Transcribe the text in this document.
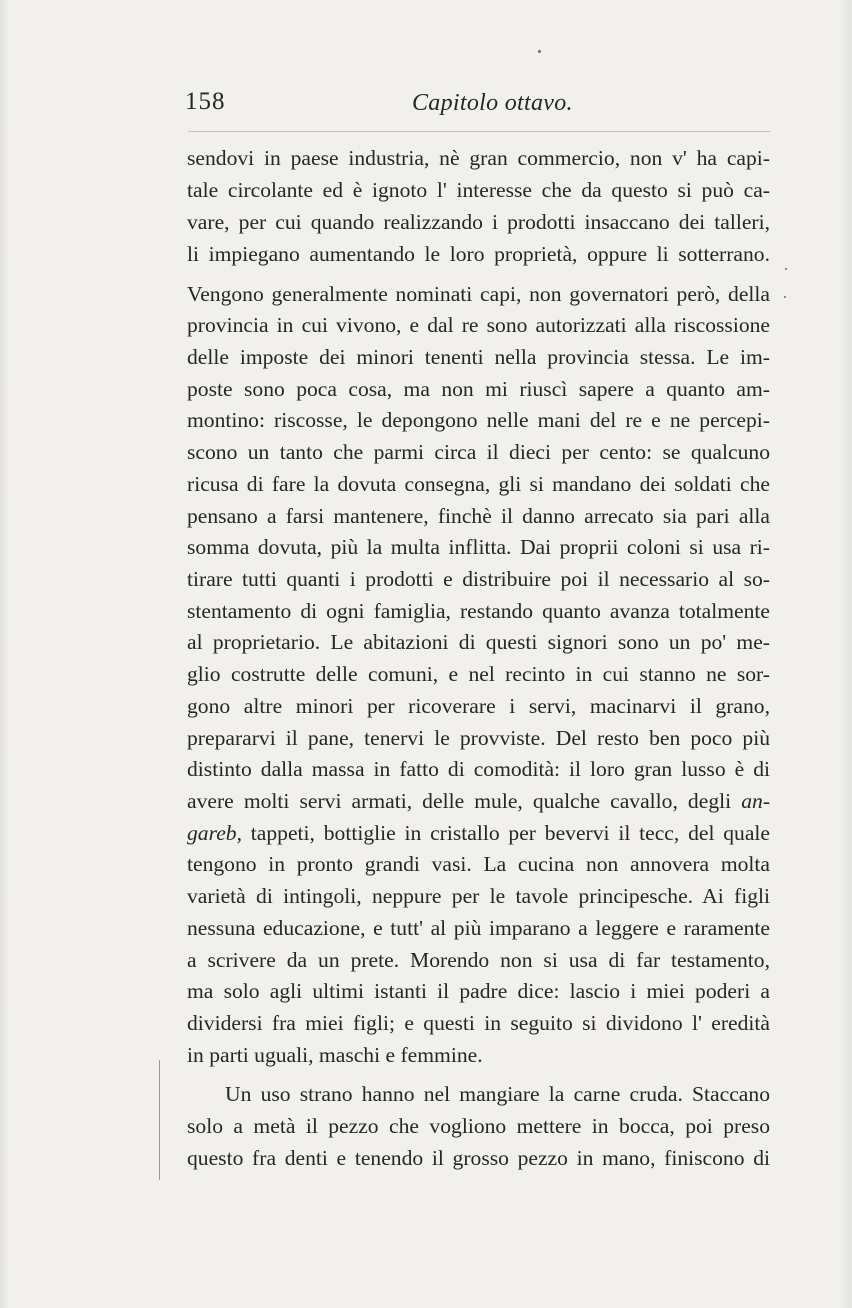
158	Capitolo ottavo.
sendovi in paese industria, nè gran commercio, non v' ha capi-
tale circolante ed è ignoto l' interesse che da questo si può ca-
vare, per cui quando realizzando i prodotti insaccano dei talleri,
li impiegano aumentando le loro proprietà, oppure li sotterrano.
Vengono generalmente nominati capi, non governatori però, della
provincia in cui vivono, e dal re sono autorizzati alla riscossione
delle imposte dei minori tenenti nella provincia stessa. Le im-
poste sono poca cosa, ma non mi riuscì sapere a quanto am-
montino: riscosse, le depongono nelle mani del re e ne percepi-
scono un tanto che parmi circa il dieci per cento: se qualcuno
ricusa di fare la dovuta consegna, gli si mandano dei soldati che
pensano a farsi mantenere, finchè il danno arrecato sia pari alla
somma dovuta, più la multa inflitta. Dai proprii coloni si usa ri-
tirare tutti quanti i prodotti e distribuire poi il necessario al so-
stentamento di ogni famiglia, restando quanto avanza totalmente
al proprietario. Le abitazioni di questi signori sono un po' me-
glio costrutte delle comuni, e nel recinto in cui stanno ne sor-
gono altre minori per ricoverare i servi, macinarvi il grano,
prepararvi il pane, tenervi le provviste. Del resto ben poco più
distinto dalla massa in fatto di comodità: il loro gran lusso è di
avere molti servi armati, delle mule, qualche cavallo, degli an-
gareb, tappeti, bottiglie in cristallo per bevervi il tecc, del quale
tengono in pronto grandi vasi. La cucina non annovera molta
varietà di intingoli, neppure per le tavole principesche. Ai figli
nessuna educazione, e tutt' al più imparano a leggere e raramente
a scrivere da un prete. Morendo non si usa di far testamento,
ma solo agli ultimi istanti il padre dice: lascio i miei poderi a
dividersi fra miei figli; e questi in seguito si dividono l' eredità
in parti uguali, maschi e femmine.
Un uso strano hanno nel mangiare la carne cruda. Staccano
solo a metà il pezzo che vogliono mettere in bocca, poi preso
questo fra denti e tenendo il grosso pezzo in mano, finiscono di
